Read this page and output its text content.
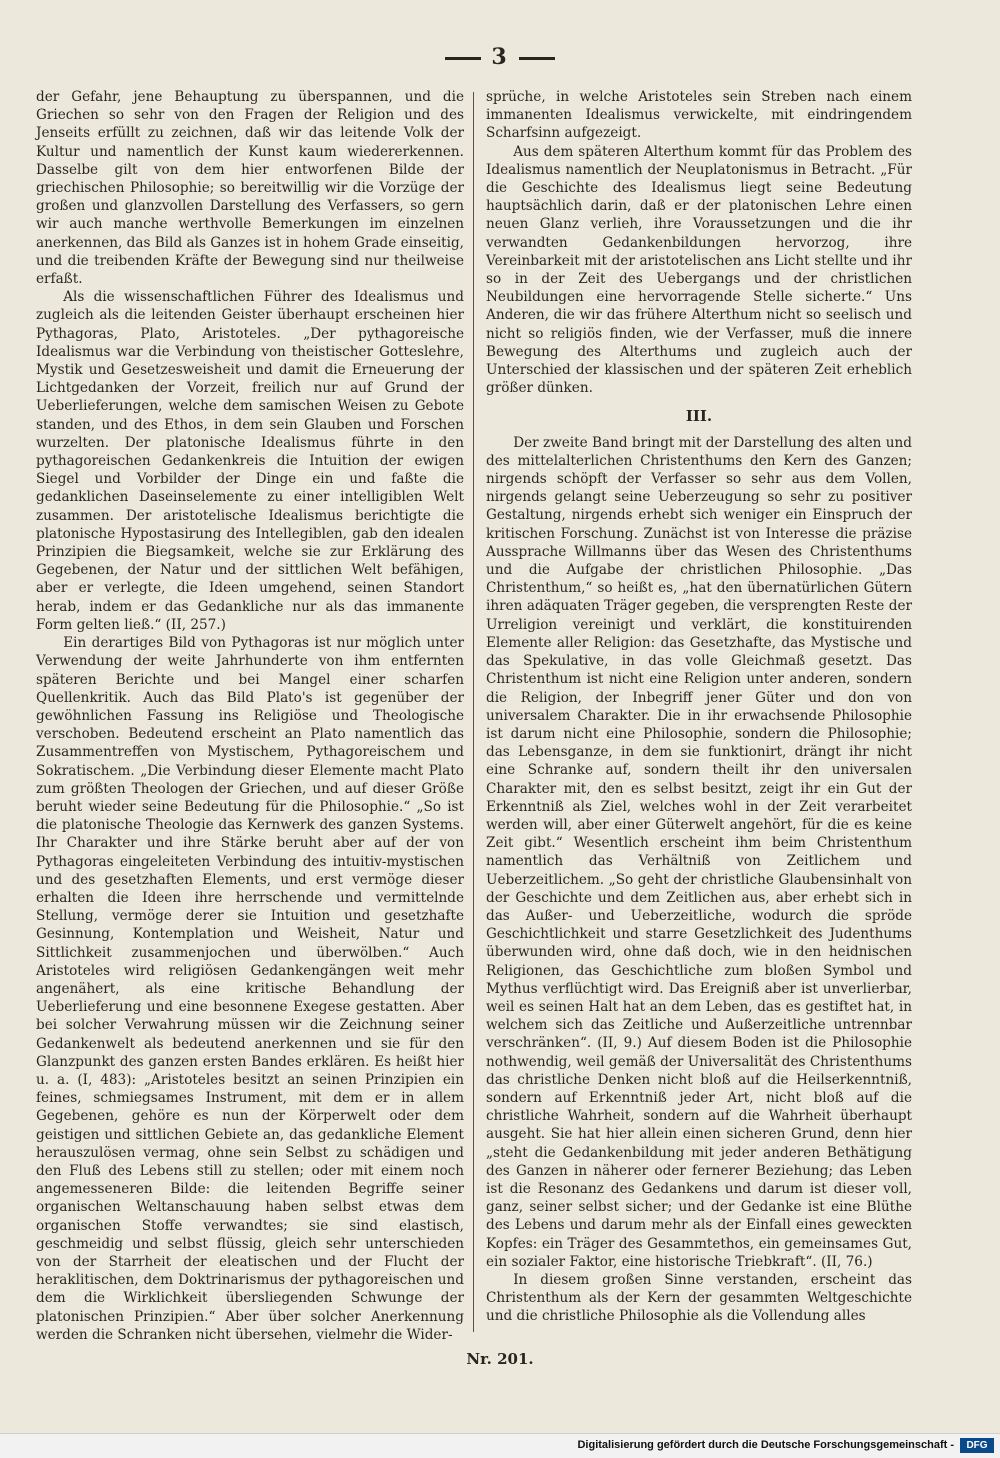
3

der Gefahr, jene Behauptung zu überspannen, und die Griechen so sehr von den Fragen der Religion und des Jenseits erfüllt zu zeichnen, daß wir das leitende Volk der Kultur und namentlich der Kunst kaum wiedererkennen. Dasselbe gilt von dem hier entworfenen Bilde der griechischen Philosophie; so bereitwillig wir die Vorzüge der großen und glanzvollen Darstellung des Verfassers, so gern wir auch manche werthvolle Bemerkungen im einzelnen anerkennen, das Bild als Ganzes ist in hohem Grade einseitig, und die treibenden Kräfte der Bewegung sind nur theilweise erfaßt.

Als die wissenschaftlichen Führer des Idealismus und zugleich als die leitenden Geister überhaupt erscheinen hier Pythagoras, Plato, Aristoteles. „Der pythagoreische Idealismus war die Verbindung von theistischer Gotteslehre, Mystik und Gesetzesweisheit und damit die Erneuerung der Lichtgedanken der Vorzeit, freilich nur auf Grund der Ueberlieferungen, welche dem samischen Weisen zu Gebote standen, und des Ethos, in dem sein Glauben und Forschen wurzelten. Der platonische Idealismus führte in den pythagoreischen Gedankenkreis die Intuition der ewigen Siegel und Vorbilder der Dinge ein und faßte die gedanklichen Daseinselemente zu einer intelligiblen Welt zusammen. Der aristotelische Idealismus berichtigte die platonische Hypostasirung des Intellegiblen, gab den idealen Prinzipien die Biegsamkeit, welche sie zur Erklärung des Gegebenen, der Natur und der sittlichen Welt befähigen, aber er verlegte, die Ideen umgehend, seinen Standort herab, indem er das Gedankliche nur als das immanente Form gelten ließ.“ (II, 257.)

Ein derartiges Bild von Pythagoras ist nur möglich unter Verwendung der weite Jahrhunderte von ihm entfernten späteren Berichte und bei Mangel einer scharfen Quellenkritik. Auch das Bild Plato's ist gegenüber der gewöhnlichen Fassung ins Religiöse und Theologische verschoben. Bedeutend erscheint an Plato namentlich das Zusammentreffen von Mystischem, Pythagoreischem und Sokratischem. „Die Verbindung dieser Elemente macht Plato zum größten Theologen der Griechen, und auf dieser Größe beruht wieder seine Bedeutung für die Philosophie.“ „So ist die platonische Theologie das Kernwerk des ganzen Systems. Ihr Charakter und ihre Stärke beruht aber auf der von Pythagoras eingeleiteten Verbindung des intuitiv-mystischen und des gesetzhaften Elements, und erst vermöge dieser erhalten die Ideen ihre herrschende und vermittelnde Stellung, vermöge derer sie Intuition und gesetzhafte Gesinnung, Kontemplation und Weisheit, Natur und Sittlichkeit zusammenjochen und überwölben.“ Auch Aristoteles wird religiösen Gedankengängen weit mehr angenähert, als eine kritische Behandlung der Ueberlieferung und eine besonnene Exegese gestatten. Aber bei solcher Verwahrung müssen wir die Zeichnung seiner Gedankenwelt als bedeutend anerkennen und sie für den Glanzpunkt des ganzen ersten Bandes erklären. Es heißt hier u. a. (I, 483): „Aristoteles besitzt an seinen Prinzipien ein feines, schmiegsames Instrument, mit dem er in allem Gegebenen, gehöre es nun der Körperwelt oder dem geistigen und sittlichen Gebiete an, das gedankliche Element herauszulösen vermag, ohne sein Selbst zu schädigen und den Fluß des Lebens still zu stellen; oder mit einem noch angemesseneren Bilde: die leitenden Begriffe seiner organischen Weltanschauung haben selbst etwas dem organischen Stoffe verwandtes; sie sind elastisch, geschmeidig und selbst flüssig, gleich sehr unterschieden von der Starrheit der eleatischen und der Flucht der heraklitischen, dem Doktrinarismus der pythagoreischen und dem die Wirklichkeit übersliegenden Schwunge der platonischen Prinzipien.“ Aber über solcher Anerkennung werden die Schranken nicht übersehen, vielmehr die Wider-

sprüche, in welche Aristoteles sein Streben nach einem immanenten Idealismus verwickelte, mit eindringendem Scharfsinn aufgezeigt.

Aus dem späteren Alterthum kommt für das Problem des Idealismus namentlich der Neuplatonismus in Betracht. „Für die Geschichte des Idealismus liegt seine Bedeutung hauptsächlich darin, daß er der platonischen Lehre einen neuen Glanz verlieh, ihre Voraussetzungen und die ihr verwandten Gedankenbildungen hervorzog, ihre Vereinbarkeit mit der aristotelischen ans Licht stellte und ihr so in der Zeit des Uebergangs und der christlichen Neubildungen eine hervorragende Stelle sicherte.“ Uns Anderen, die wir das frühere Alterthum nicht so seelisch und nicht so religiös finden, wie der Verfasser, muß die innere Bewegung des Alterthums und zugleich auch der Unterschied der klassischen und der späteren Zeit erheblich größer dünken.

III.

Der zweite Band bringt mit der Darstellung des alten und des mittelalterlichen Christenthums den Kern des Ganzen; nirgends schöpft der Verfasser so sehr aus dem Vollen, nirgends gelangt seine Ueberzeugung so sehr zu positiver Gestaltung, nirgends erhebt sich weniger ein Einspruch der kritischen Forschung. Zunächst ist von Interesse die präzise Aussprache Willmanns über das Wesen des Christenthums und die Aufgabe der christlichen Philosophie. „Das Christenthum,“ so heißt es, „hat den übernatürlichen Gütern ihren adäquaten Träger gegeben, die versprengten Reste der Urreligion vereinigt und verklärt, die konstituirenden Elemente aller Religion: das Gesetzhafte, das Mystische und das Spekulative, in das volle Gleichmaß gesetzt. Das Christenthum ist nicht eine Religion unter anderen, sondern die Religion, der Inbegriff jener Güter und don von universalem Charakter. Die in ihr erwachsende Philosophie ist darum nicht eine Philosophie, sondern die Philosophie; das Lebensganze, in dem sie funktionirt, drängt ihr nicht eine Schranke auf, sondern theilt ihr den universalen Charakter mit, den es selbst besitzt, zeigt ihr ein Gut der Erkenntniß als Ziel, welches wohl in der Zeit verarbeitet werden will, aber einer Güterwelt angehört, für die es keine Zeit gibt.“ Wesentlich erscheint ihm beim Christenthum namentlich das Verhältniß von Zeitlichem und Ueberzeitlichem. „So geht der christliche Glaubensinhalt von der Geschichte und dem Zeitlichen aus, aber erhebt sich in das Außer- und Ueberzeitliche, wodurch die spröde Geschichtlichkeit und starre Gesetzlichkeit des Judenthums überwunden wird, ohne daß doch, wie in den heidnischen Religionen, das Geschichtliche zum bloßen Symbol und Mythus verflüchtigt wird. Das Ereigniß aber ist unverlierbar, weil es seinen Halt hat an dem Leben, das es gestiftet hat, in welchem sich das Zeitliche und Außerzeitliche untrennbar verschränken“. (II, 9.) Auf diesem Boden ist die Philosophie nothwendig, weil gemäß der Universalität des Christenthums das christliche Denken nicht bloß auf die Heilserkenntniß, sondern auf Erkenntniß jeder Art, nicht bloß auf die christliche Wahrheit, sondern auf die Wahrheit überhaupt ausgeht. Sie hat hier allein einen sicheren Grund, denn hier „steht die Gedankenbildung mit jeder anderen Bethätigung des Ganzen in näherer oder fernerer Beziehung; das Leben ist die Resonanz des Gedankens und darum ist dieser voll, ganz, seiner selbst sicher; und der Gedanke ist eine Blüthe des Lebens und darum mehr als der Einfall eines geweckten Kopfes: ein Träger des Gesammtethos, ein gemeinsames Gut, ein sozialer Faktor, eine historische Triebkraft“. (II, 76.)

In diesem großen Sinne verstanden, erscheint das Christenthum als der Kern der gesammten Weltgeschichte und die christliche Philosophie als die Vollendung alles

Nr. 201.
Digitalisierung gefördert durch die Deutsche Forschungsgemeinschaft -	DFG
